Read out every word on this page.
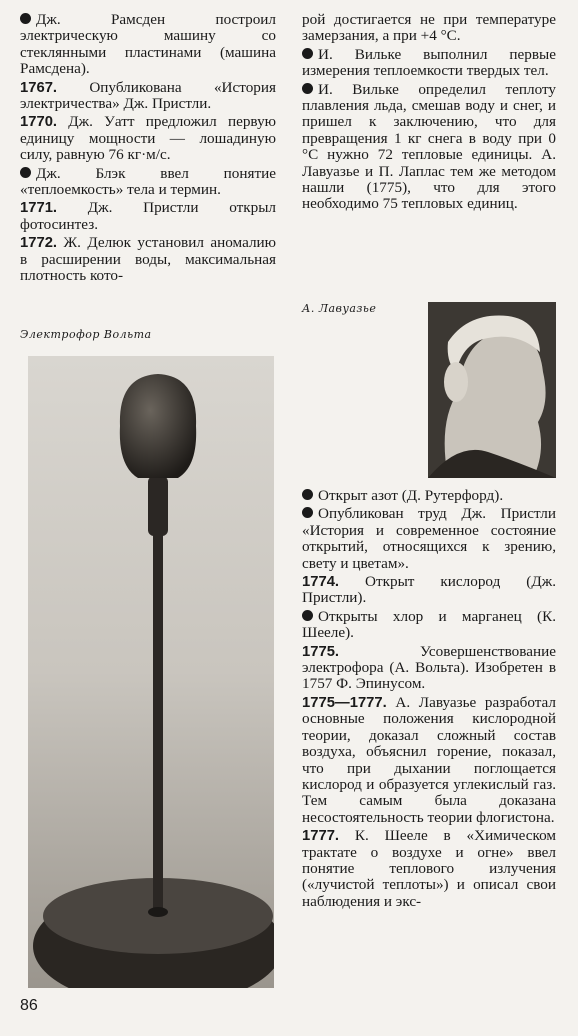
Дж. Рамсден построил электрическую машину со стеклянными пластинами (машина Рамсдена).

1767. Опубликована «История электричества» Дж. Пристли.

1770. Дж. Уатт предложил первую единицу мощности — лошадиную силу, равную 76 кг·м/с.

Дж. Блэк ввел понятие «теплоемкость» тела и термин.

1771. Дж. Пристли открыл фотосинтез.

1772. Ж. Делюк установил аномалию в расширении воды, максимальная плотность кото-

рой достигается не при температуре замерзания, а при +4 °С.

И. Вильке выполнил первые измерения теплоемкости твердых тел.

И. Вильке определил теплоту плавления льда, смешав воду и снег, и пришел к заключению, что для превращения 1 кг снега в воду при 0 °С нужно 72 тепловые единицы. А. Лавуазье и П. Лаплас тем же методом нашли (1775), что для этого необходимо 75 тепловых единиц.

Электрофор Вольта
А. Лавуазье

Открыт азот (Д. Рутерфорд).

Опубликован труд Дж. Пристли «История и современное состояние открытий, относящихся к зрению, свету и цветам».

1774. Открыт кислород (Дж. Пристли).

Открыты хлор и марганец (К. Шееле).

1775.	Усовершенствование электрофора (А. Вольта). Изобретен в 1757 Ф. Эпинусом.

1775—1777. А. Лавуазье разработал основные положения кислородной теории, доказал сложный состав воздуха, объяснил горение, показал, что при дыхании поглощается кислород и образуется углекислый газ. Тем самым была доказана несостоятельность теории флогистона.

1777. К. Шееле в «Химическом трактате о воздухе и огне» ввел понятие теплового излучения («лучистой теплоты») и описал свои наблюдения и экс-

86
